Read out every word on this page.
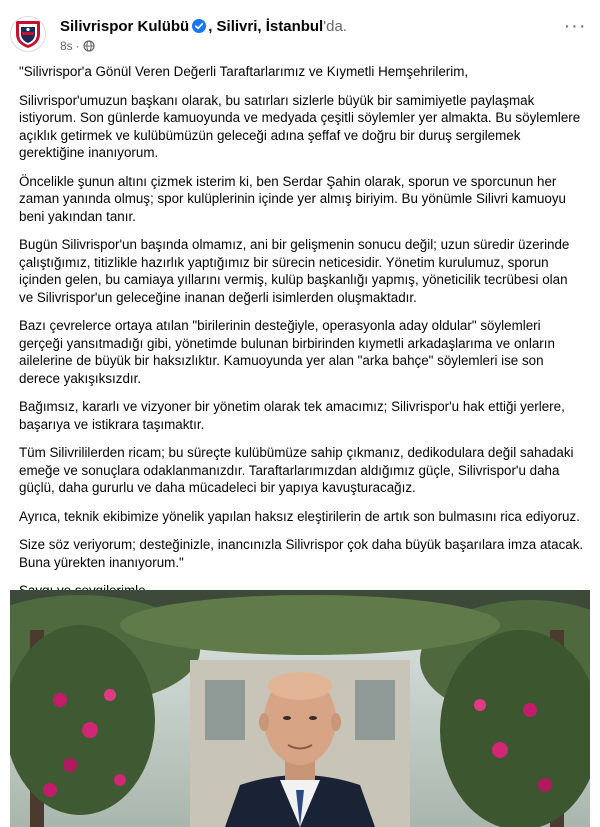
Silivrispor Kulübü , Silivri, İstanbul'da.
8s ·
···

"Silivrispor'a Gönül Veren Değerli Taraftarlarımız ve Kıymetli Hemşehrilerim,

Silivrispor'umuzun başkanı olarak, bu satırları sizlerle büyük bir samimiyetle paylaşmak istiyorum. Son günlerde kamuoyunda ve medyada çeşitli söylemler yer almakta. Bu söylemlere açıklık getirmek ve kulübümüzün geleceği adına şeffaf ve doğru bir duruş sergilemek gerektiğine inanıyorum.

Öncelikle şunun altını çizmek isterim ki, ben Serdar Şahin olarak, sporun ve sporcunun her zaman yanında olmuş; spor kulüplerinin içinde yer almış biriyim. Bu yönümle Silivri kamuoyu beni yakından tanır.

Bugün Silivrispor'un başında olmamız, ani bir gelişmenin sonucu değil; uzun süredir üzerinde çalıştığımız, titizlikle hazırlık yaptığımız bir sürecin neticesidir. Yönetim kurulumuz, sporun içinden gelen, bu camiaya yıllarını vermiş, kulüp başkanlığı yapmış, yöneticilik tecrübesi olan ve Silivrispor'un geleceğine inanan değerli isimlerden oluşmaktadır.

Bazı çevrelerce ortaya atılan "birilerinin desteğiyle, operasyonla aday oldular" söylemleri gerçeği yansıtmadığı gibi, yönetimde bulunan birbirinden kıymetli arkadaşlarıma ve onların ailelerine de büyük bir haksızlıktır. Kamuoyunda yer alan "arka bahçe" söylemleri ise son derece yakışıksızdır.

Bağımsız, kararlı ve vizyoner bir yönetim olarak tek amacımız; Silivrispor'u hak ettiği yerlere, başarıya ve istikrara taşımaktır.

Tüm Silivrililerden ricam; bu süreçte kulübümüze sahip çıkmanız, dedikodulara değil sahadaki emeğe ve sonuçlara odaklanmanızdır. Taraftarlarımızdan aldığımız güçle, Silivrispor'u daha güçlü, daha gururlu ve daha mücadeleci bir yapıya kavuşturacağız.

Ayrıca, teknik ekibimize yönelik yapılan haksız eleştirilerin de artık son bulmasını rica ediyoruz.

Size söz veriyorum; desteğinizle, inancınızla Silivrispor çok daha büyük başarılara imza atacak. Buna yürekten inanıyorum."
